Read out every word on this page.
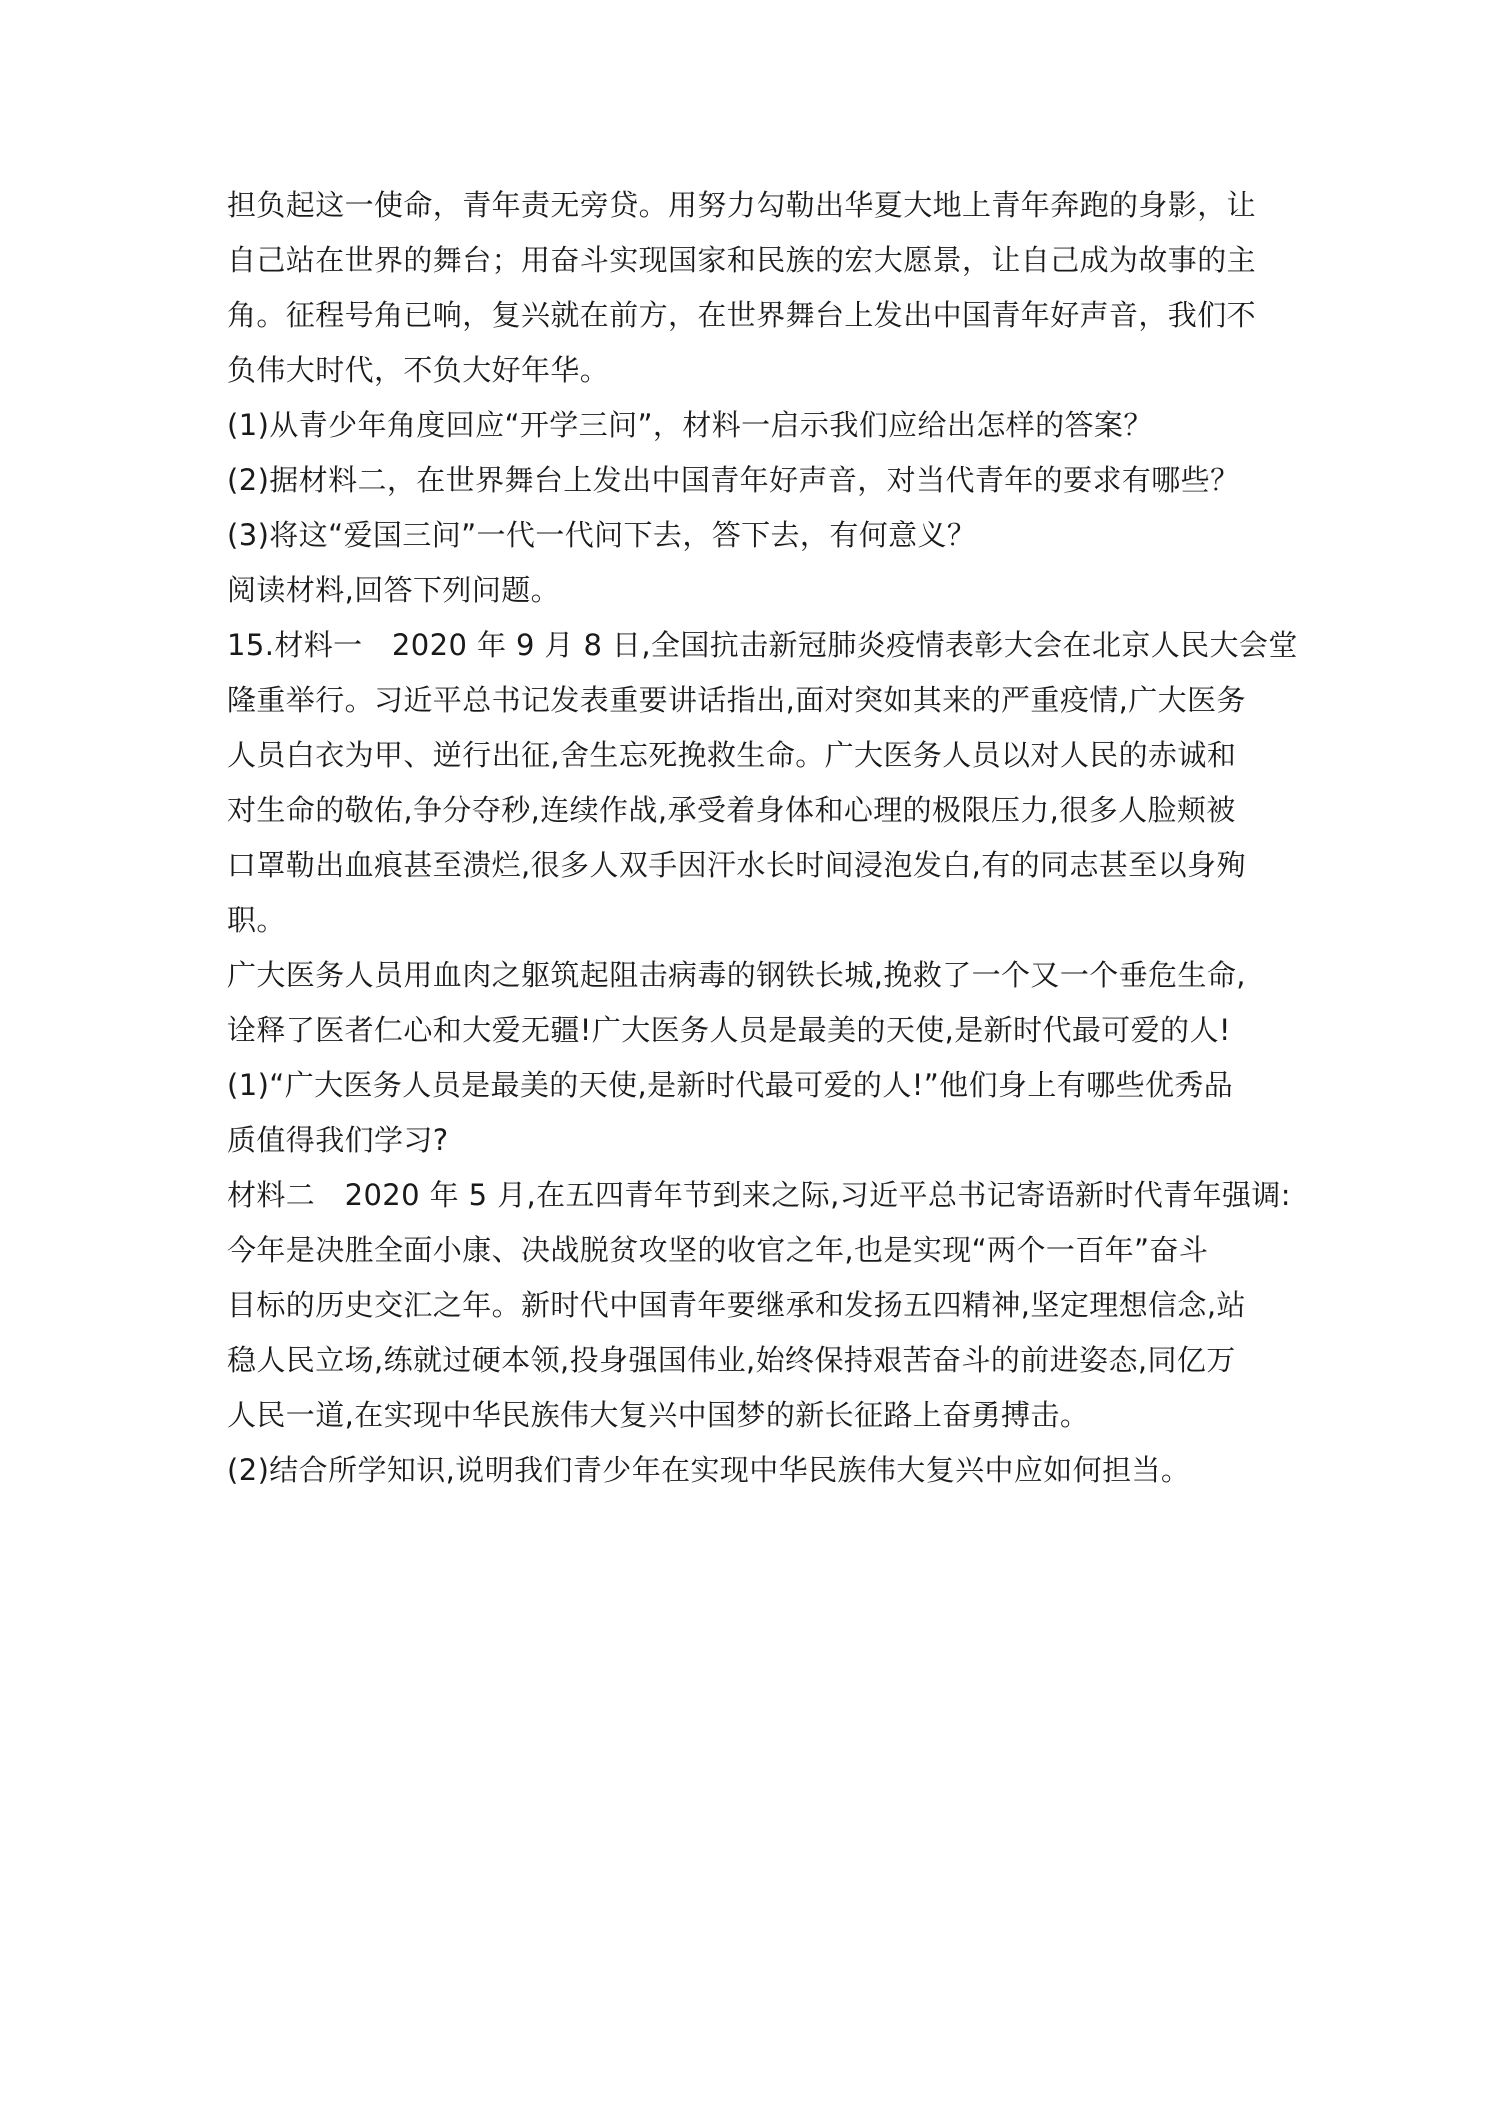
担负起这一使命，青年责无旁贷。用努力勾勒出华夏大地上青年奔跑的身影，让
自己站在世界的舞台；用奋斗实现国家和民族的宏大愿景，让自己成为故事的主
角。征程号角已响，复兴就在前方，在世界舞台上发出中国青年好声音，我们不
负伟大时代，不负大好年华。
(1)从青少年角度回应“开学三问”，材料一启示我们应给出怎样的答案？
(2)据材料二，在世界舞台上发出中国青年好声音，对当代青年的要求有哪些？
(3)将这“爱国三问”一代一代问下去，答下去，有何意义？
阅读材料,回答下列问题。
15.材料一　2020 年 9 月 8 日,全国抗击新冠肺炎疫情表彰大会在北京人民大会堂
隆重举行。习近平总书记发表重要讲话指出,面对突如其来的严重疫情,广大医务
人员白衣为甲、逆行出征,舍生忘死挽救生命。广大医务人员以对人民的赤诚和
对生命的敬佑,争分夺秒,连续作战,承受着身体和心理的极限压力,很多人脸颊被
口罩勒出血痕甚至溃烂,很多人双手因汗水长时间浸泡发白,有的同志甚至以身殉
职。
广大医务人员用血肉之躯筑起阻击病毒的钢铁长城,挽救了一个又一个垂危生命,
诠释了医者仁心和大爱无疆!广大医务人员是最美的天使,是新时代最可爱的人!
(1)“广大医务人员是最美的天使,是新时代最可爱的人!”他们身上有哪些优秀品
质值得我们学习?
材料二　2020 年 5 月,在五四青年节到来之际,习近平总书记寄语新时代青年强调:
今年是决胜全面小康、决战脱贫攻坚的收官之年,也是实现“两个一百年”奋斗
目标的历史交汇之年。新时代中国青年要继承和发扬五四精神,坚定理想信念,站
稳人民立场,练就过硬本领,投身强国伟业,始终保持艰苦奋斗的前进姿态,同亿万
人民一道,在实现中华民族伟大复兴中国梦的新长征路上奋勇搏击。
(2)结合所学知识,说明我们青少年在实现中华民族伟大复兴中应如何担当。
